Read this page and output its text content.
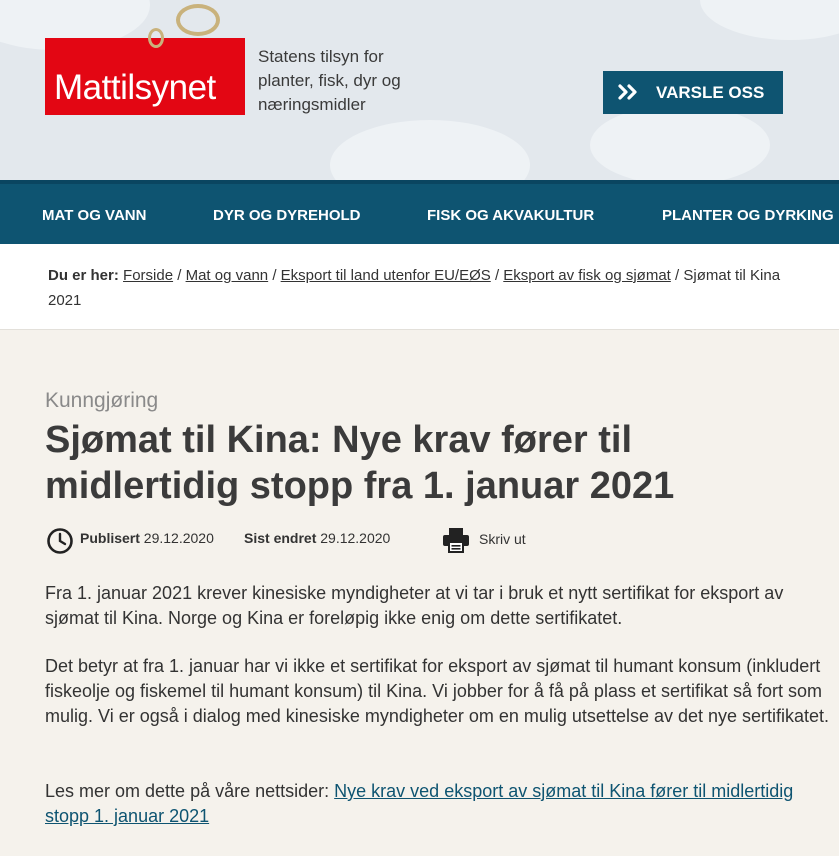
Mattilsynet
Statens tilsyn for
planter, fisk, dyr og
næringsmidler
VARSLE OSS
MAT OG VANN	DYR OG DYREHOLD	FISK OG AKVAKULTUR	PLANTER OG DYRKING
Du er her: Forside / Mat og vann / Eksport til land utenfor EU/EØS / Eksport av fisk og sjømat / Sjømat til Kina
2021
Kunngjøring
Sjømat til Kina: Nye krav fører til midlertidig stopp fra 1. januar 2021
Publisert 29.12.2020 Sist endret 29.12.2020	Skriv ut

Fra 1. januar 2021 krever kinesiske myndigheter at vi tar i bruk et nytt sertifikat for eksport av sjømat til Kina. Norge og Kina er foreløpig ikke enig om dette sertifikatet.

Det betyr at fra 1. januar har vi ikke et sertifikat for eksport av sjømat til humant konsum (inkludert fiskeolje og fiskemel til humant konsum) til Kina. Vi jobber for å få på plass et sertifikat så fort som mulig. Vi er også i dialog med kinesiske myndigheter om en mulig utsettelse av det nye sertifikatet.

Les mer om dette på våre nettsider: Nye krav ved eksport av sjømat til Kina fører til midlertidig stopp 1. januar 2021
